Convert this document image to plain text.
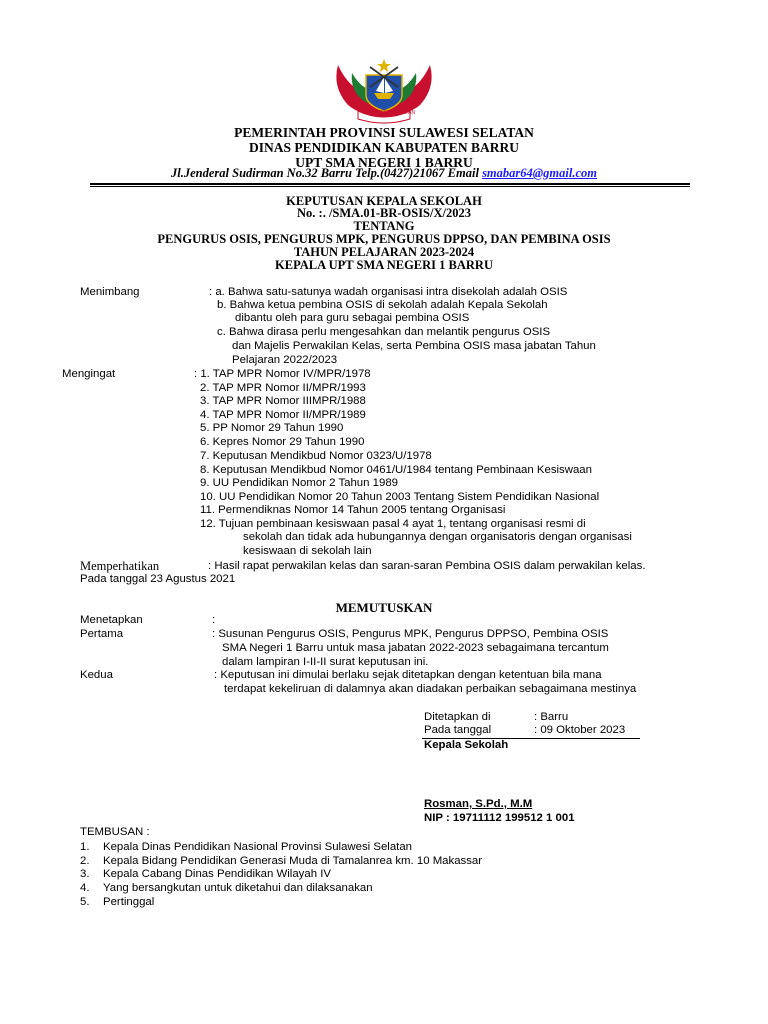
SULAWESI SELATAN
PEMERINTAH PROVINSI SULAWESI SELATAN
DINAS PENDIDIKAN KABUPATEN BARRU
UPT SMA NEGERI 1 BARRU
Jl.Jenderal Sudirman No.32 Barru Telp.(0427)21067 Email smabar64@gmail.com
KEPUTUSAN KEPALA SEKOLAH
No. :. /SMA.01-BR-OSIS/X/2023
TENTANG
PENGURUS OSIS, PENGURUS MPK, PENGURUS DPPSO, DAN PEMBINA OSIS
TAHUN PELAJARAN 2023-2024
KEPALA UPT SMA NEGERI 1 BARRU
Menimbang	: a. Bahwa satu-satunya wadah organisasi intra disekolah adalah OSIS
b. Bahwa ketua pembina OSIS di sekolah adalah Kepala Sekolah
dibantu oleh para guru sebagai pembina OSIS
c. Bahwa dirasa perlu mengesahkan dan melantik pengurus OSIS
dan Majelis Perwakilan Kelas, serta Pembina OSIS masa jabatan Tahun
Pelajaran 2022/2023
Mengingat	: 1. TAP MPR Nomor IV/MPR/1978
2. TAP MPR Nomor II/MPR/1993
3. TAP MPR Nomor IIIMPR/1988
4. TAP MPR Nomor II/MPR/1989
5. PP Nomor 29 Tahun 1990
6. Kepres Nomor 29 Tahun 1990
7. Keputusan Mendikbud Nomor 0323/U/1978
8. Keputusan Mendikbud Nomor 0461/U/1984 tentang Pembinaan Kesiswaan
9. UU Pendidikan Nomor 2 Tahun 1989
10. UU Pendidikan Nomor 20 Tahun 2003 Tentang Sistem Pendidikan Nasional
11. Permendiknas Nomor 14 Tahun 2005 tentang Organisasi
12. Tujuan pembinaan kesiswaan pasal 4 ayat 1, tentang organisasi resmi di
sekolah dan tidak ada hubungannya dengan organisatoris dengan organisasi
kesiswaan di sekolah lain
Memperhatikan	: Hasil rapat perwakilan kelas dan saran-saran Pembina OSIS dalam perwakilan kelas.
Pada tanggal 23 Agustus 2021
MEMUTUSKAN
Menetapkan	:
Pertama	: Susunan Pengurus OSIS, Pengurus MPK, Pengurus DPPSO, Pembina OSIS
SMA Negeri 1 Barru untuk masa jabatan 2022-2023 sebagaimana tercantum
dalam lampiran I-II-II surat keputusan ini.
Kedua	: Keputusan ini dimulai berlaku sejak ditetapkan dengan ketentuan bila mana
terdapat kekeliruan di dalamnya akan diadakan perbaikan sebagaimana mestinya
Ditetapkan di	: Barru
Pada tanggal	: 09 Oktober 2023
Kepala Sekolah
Rosman, S.Pd., M.M
NIP : 19711112 199512 1 001
TEMBUSAN :
1. Kepala Dinas Pendidikan Nasional Provinsi Sulawesi Selatan
2. Kepala Bidang Pendidikan Generasi Muda di Tamalanrea km. 10 Makassar
3. Kepala Cabang Dinas Pendidikan Wilayah IV
4. Yang bersangkutan untuk diketahui dan dilaksanakan
5. Pertinggal
